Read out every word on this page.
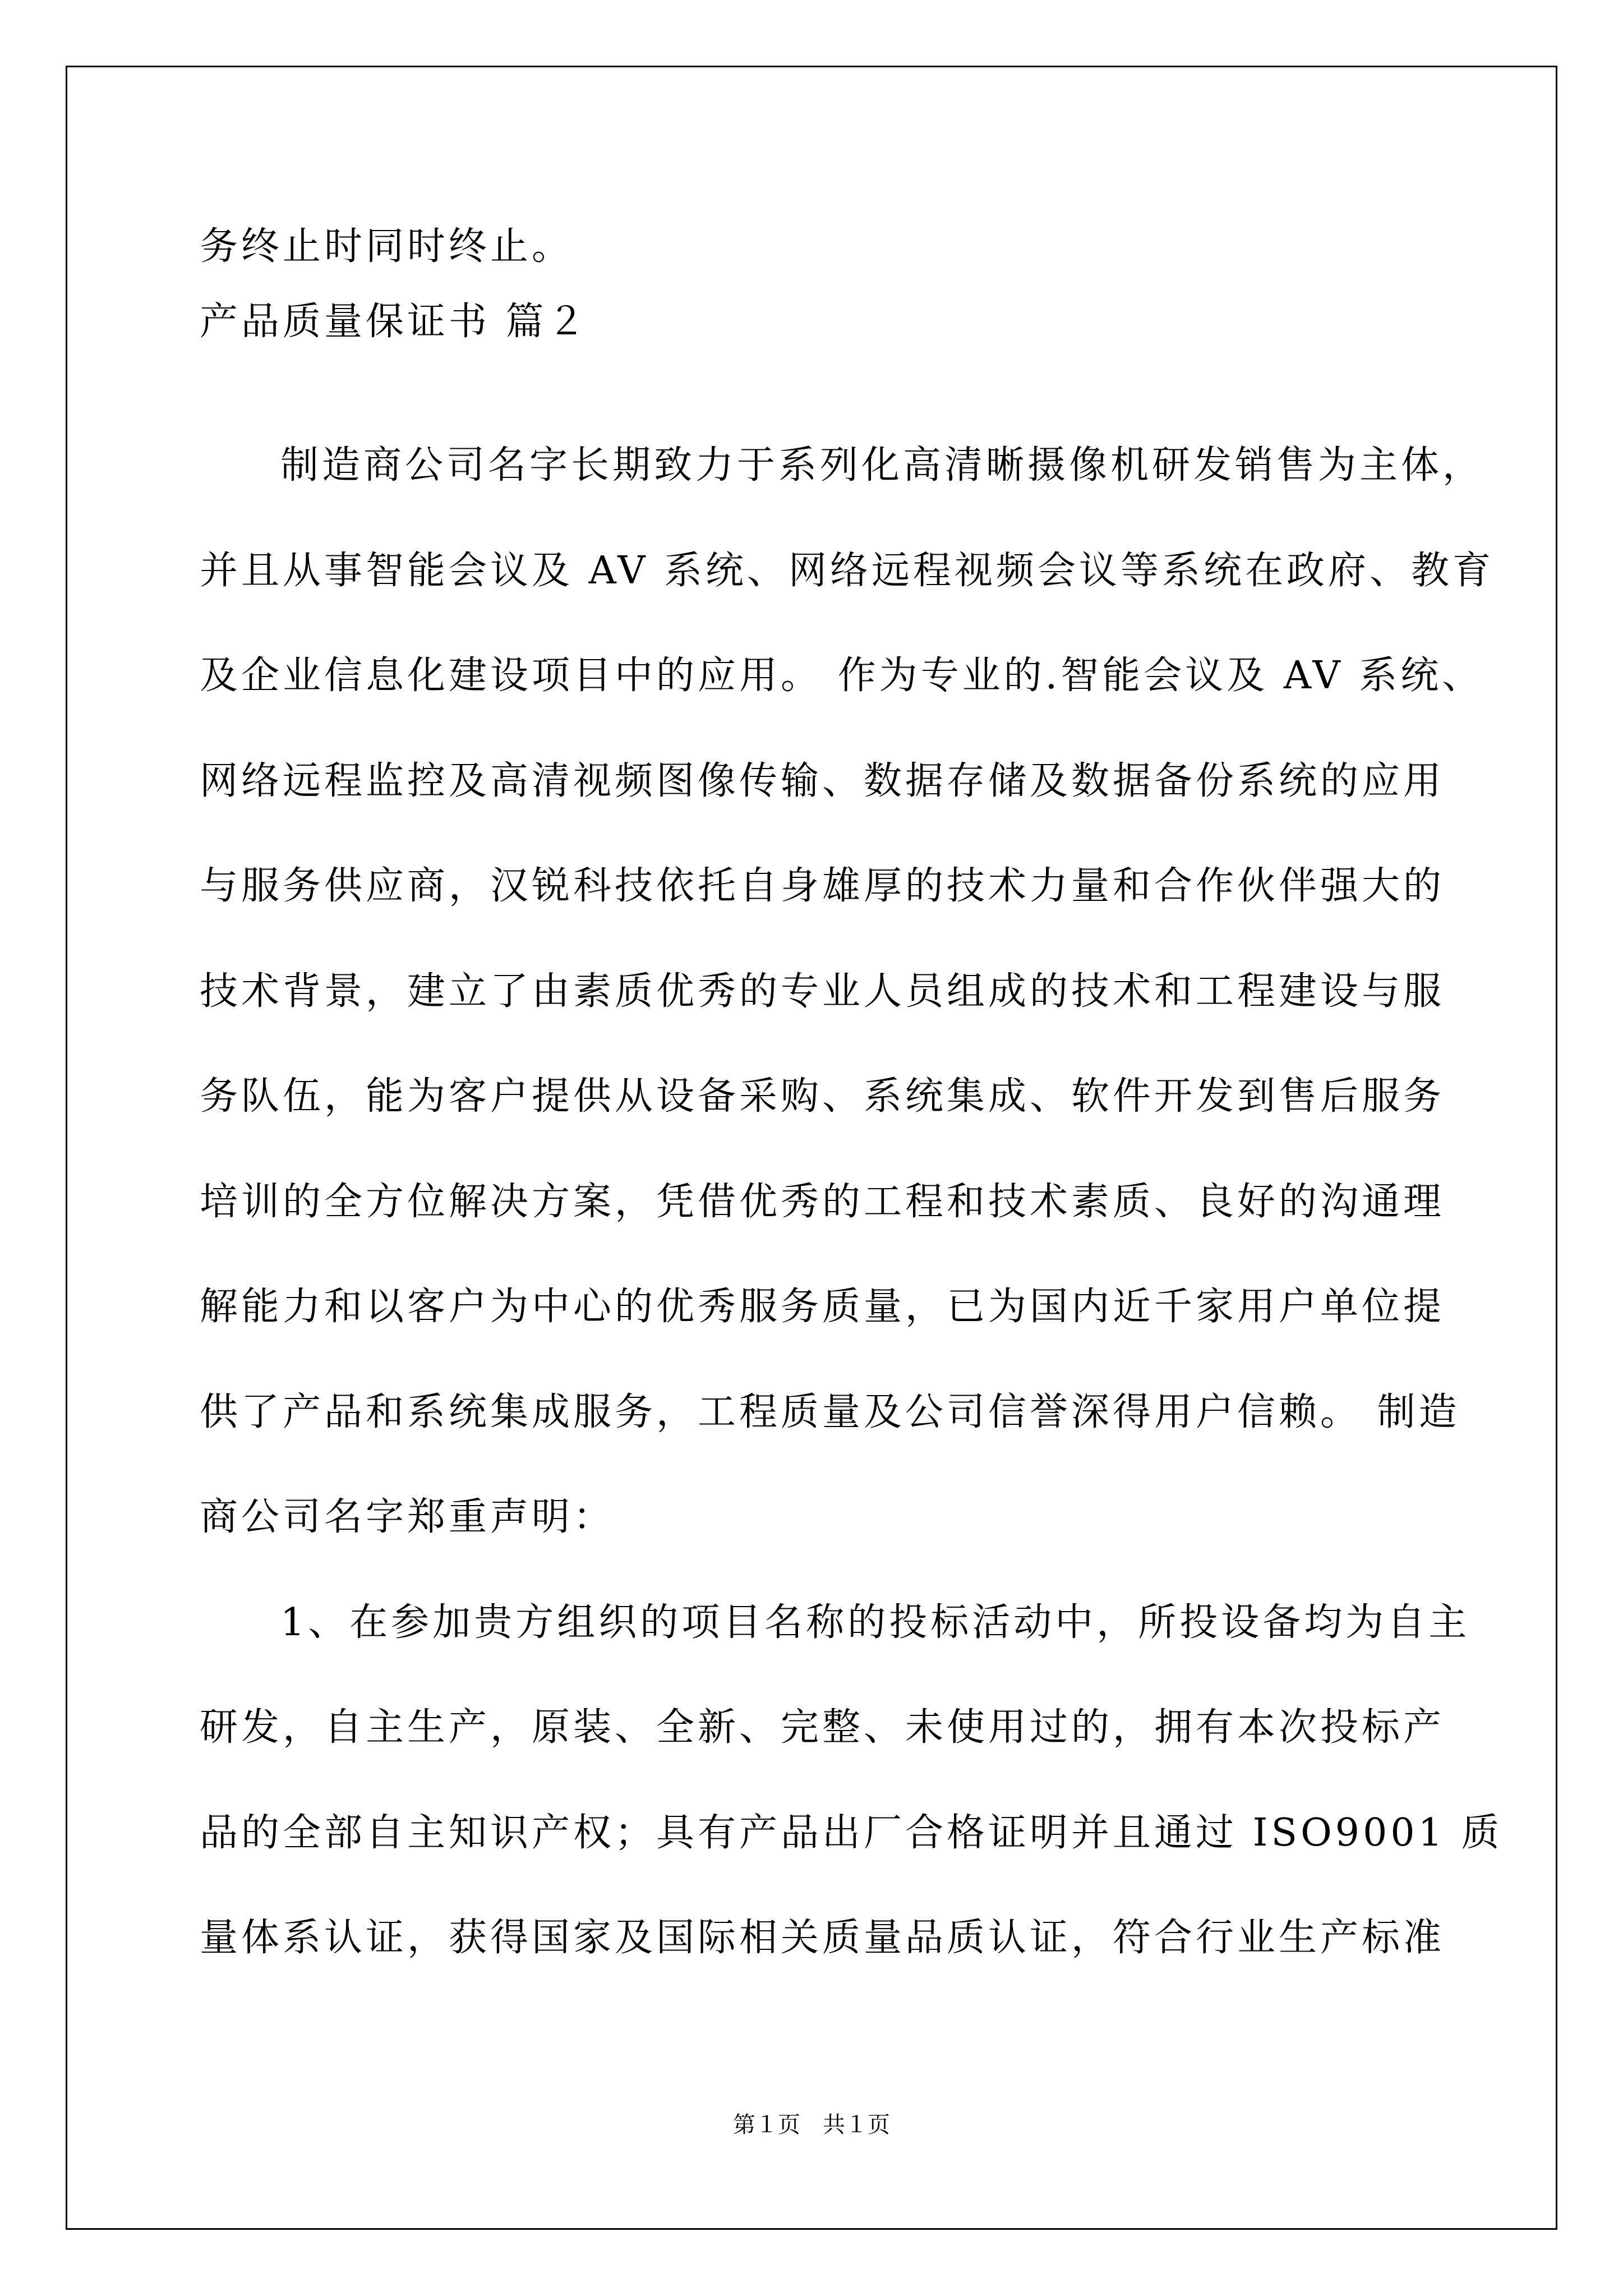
务终止时同时终止。
产品质量保证书 篇２
制造商公司名字长期致力于系列化高清晰摄像机研发销售为主体，
并且从事智能会议及 AV 系统、网络远程视频会议等系统在政府、教育
及企业信息化建设项目中的应用。 作为专业的.智能会议及 AV 系统、
网络远程监控及高清视频图像传输、数据存储及数据备份系统的应用
与服务供应商，汉锐科技依托自身雄厚的技术力量和合作伙伴强大的
技术背景，建立了由素质优秀的专业人员组成的技术和工程建设与服
务队伍，能为客户提供从设备采购、系统集成、软件开发到售后服务
培训的全方位解决方案，凭借优秀的工程和技术素质、良好的沟通理
解能力和以客户为中心的优秀服务质量，已为国内近千家用户单位提
供了产品和系统集成服务，工程质量及公司信誉深得用户信赖。 制造
商公司名字郑重声明：
1、在参加贵方组织的项目名称的投标活动中，所投设备均为自主
研发，自主生产，原装、全新、完整、未使用过的，拥有本次投标产
品的全部自主知识产权；具有产品出厂合格证明并且通过 ISO9001 质
量体系认证，获得国家及国际相关质量品质认证，符合行业生产标准
第１页　共１页
